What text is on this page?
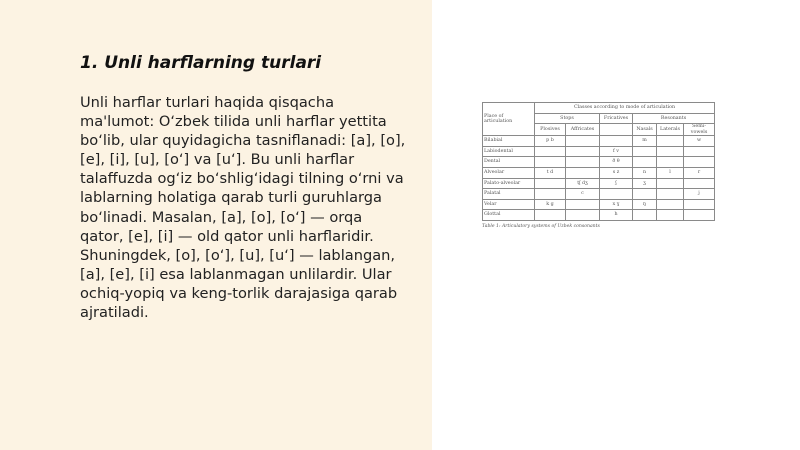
1. Unli harflarning turlari

Unli harflar turlari haqida qisqacha ma'lumot: O‘zbek tilida unli harflar yettita bo‘lib, ular quyidagicha tasniflanadi: [a], [o], [e], [i], [u], [o‘] va [u‘]. Bu unli harflar talaffuzda og‘iz bo‘shlig‘idagi tilning o‘rni va lablarning holatiga qarab turli guruhlarga bo‘linadi. Masalan, [a], [o], [o‘] — orqa qator, [e], [i] — old qator unli harflaridir. Shuningdek, [o], [o‘], [u], [u‘] — lablangan, [a], [e], [i] esa lablanmagan unlilardir. Ular ochiq-yopiq va keng-torlik darajasiga qarab ajratiladi.

Place of articulation	Classes according to mode of articulation					
	Stops		Fricatives	Resonants		
	Plosives	Affricates		Nasals	Laterals	Semi-vowels
Bilabial	p b			m		w
Labiodental			f v			
Dental			ð θ			
Alveolar	t d		s z	n	l	r
Palato-alveolar		tʃ dʒ	ʃ	ʒ		
Palatal		c				j
Velar	k g		x ɣ	ŋ		
Glottal			h			
Table 1: Articulatory systems of Uzbek consonants
